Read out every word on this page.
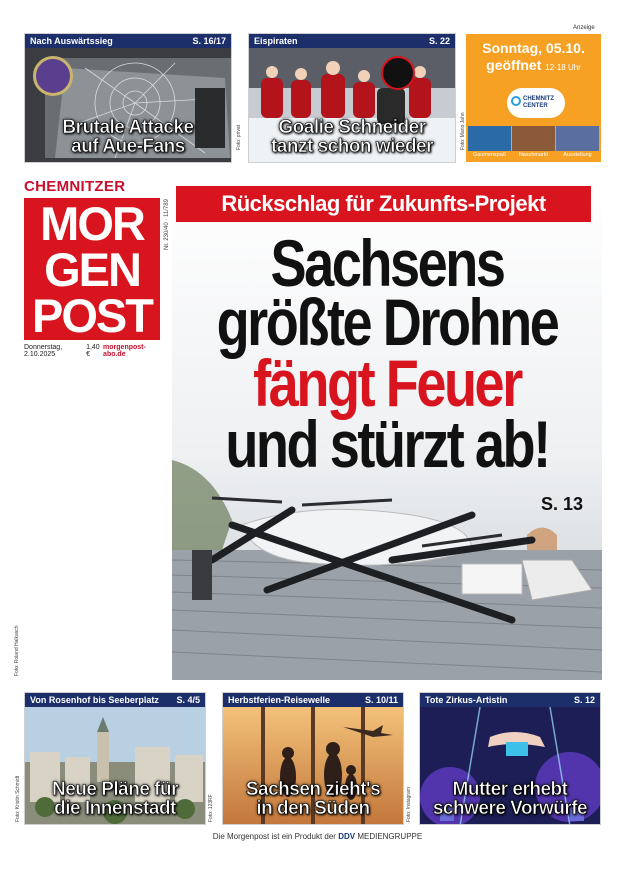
Nach Auswärtssieg	S. 16/17
Brutale Attacke
auf Aue-Fans	Foto: privat
Eispiraten	S. 22
Goalie Schneider
tanzt schon wieder	Foto: Mario Jahn
Anzeige
Sonntag, 05.10.
geöffnet 12-18 Uhr
CHEMNITZ
CENTER
Gaumenspaß	Naschmarkt	Ausstellung
CHEMNITZER
MOR
GEN
POST
Donnerstag, 2.10.2025
1,40 €
morgenpost-abo.de
Nr. 230/40 · 11/789	Rückschlag für Zukunfts-Projekt
Sachsens
größte Drohne
fängt Feuer
und stürzt ab!
S. 13
Foto: Roland Halkasch
Von Rosenhof bis Seeberplatz S. 4/5
Neue Pläne für
die Innenstadt
Foto: Kristin Schmidt
Herbstferien-Reisewelle	S. 10/11
Sachsen zieht's
in den Süden
Foto: 123RF
Tote Zirkus-Artistin	S. 12
Mutter erhebt
schwere Vorwürfe
Foto: Instagram
Die Morgenpost ist ein Produkt der DDV MEDIENGRUPPE
